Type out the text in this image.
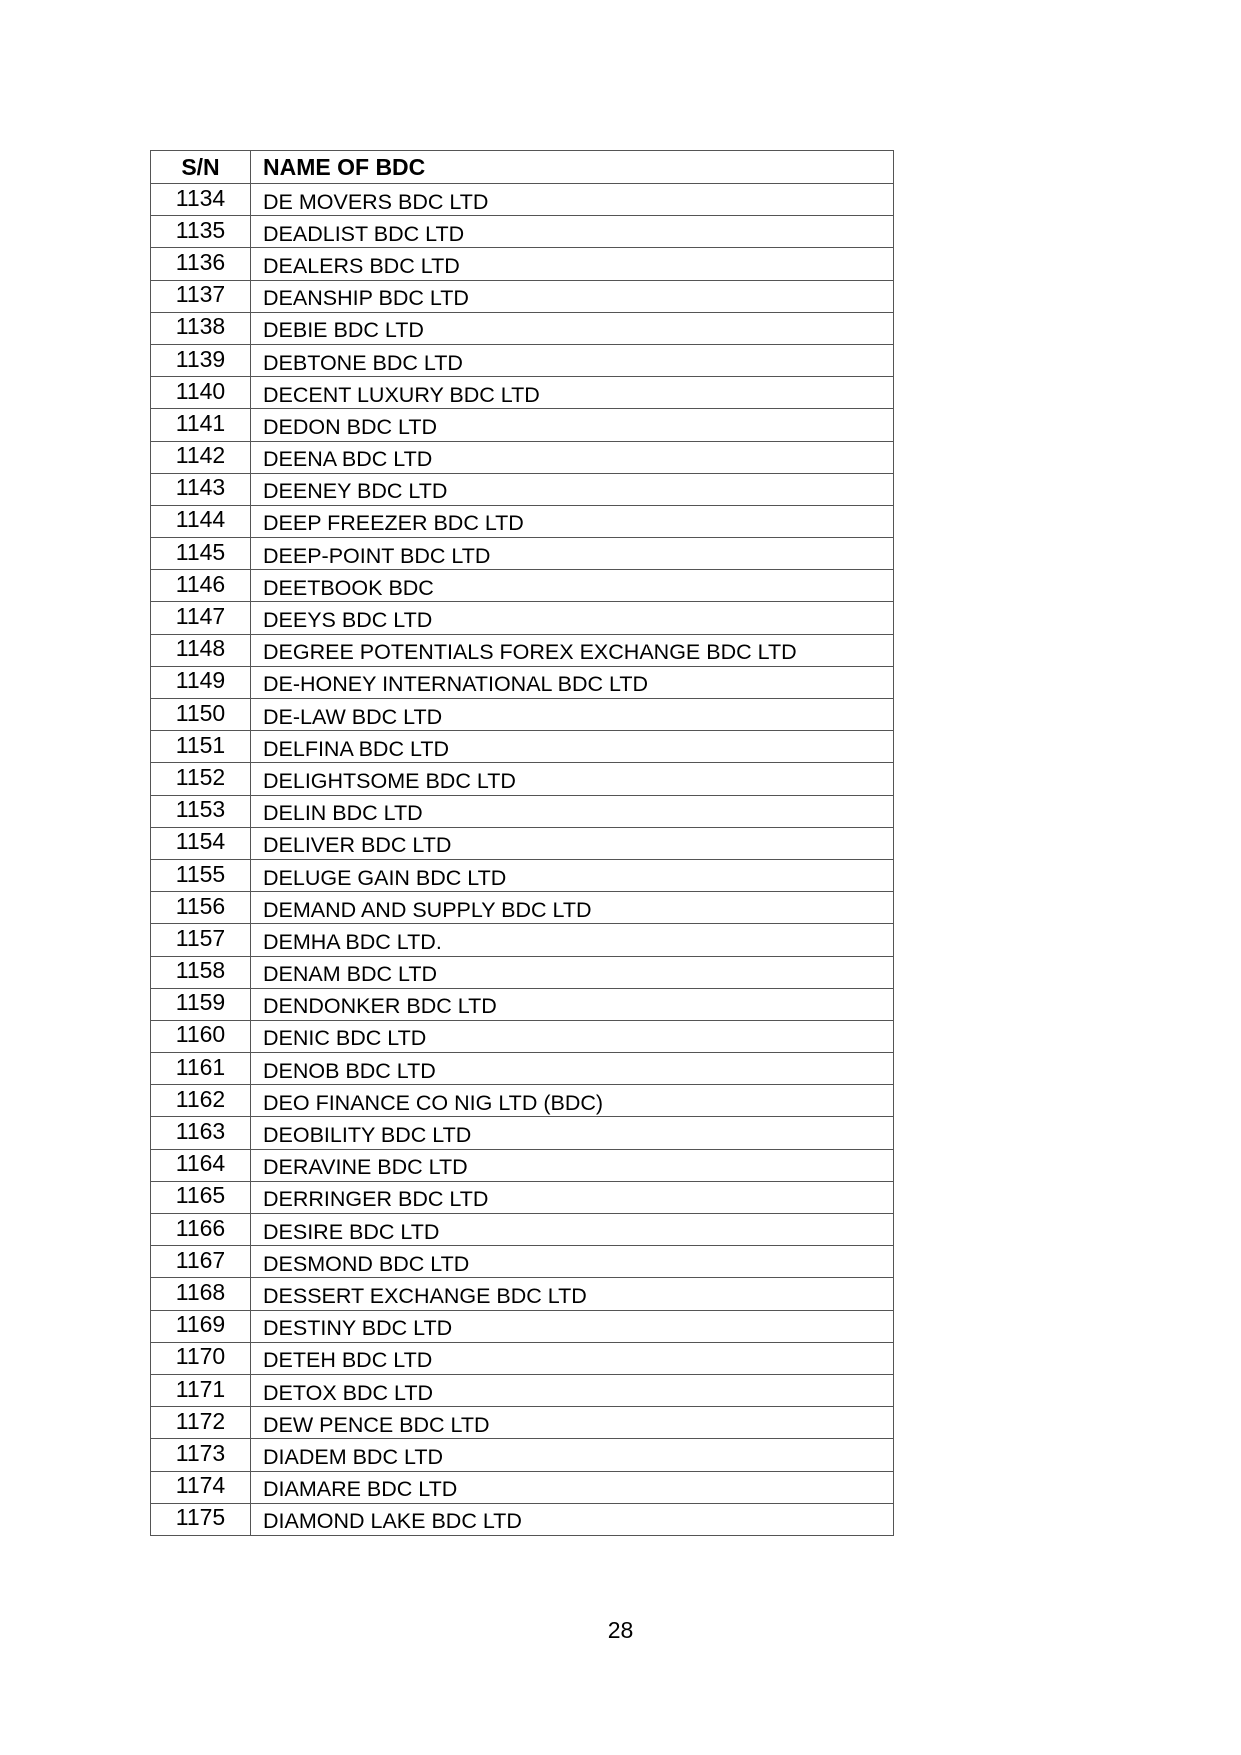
S/N	NAME OF BDC
1134	DE MOVERS BDC LTD
1135	DEADLIST BDC LTD
1136	DEALERS BDC LTD
1137	DEANSHIP BDC LTD
1138	DEBIE BDC LTD
1139	DEBTONE BDC LTD
1140	DECENT LUXURY BDC LTD
1141	DEDON BDC LTD
1142	DEENA BDC LTD
1143	DEENEY BDC LTD
1144	DEEP FREEZER BDC LTD
1145	DEEP-POINT BDC LTD
1146	DEETBOOK BDC
1147	DEEYS BDC LTD
1148	DEGREE POTENTIALS FOREX EXCHANGE BDC LTD
1149	DE-HONEY INTERNATIONAL BDC LTD
1150	DE-LAW BDC LTD
1151	DELFINA BDC LTD
1152	DELIGHTSOME BDC LTD
1153	DELIN BDC LTD
1154	DELIVER BDC LTD
1155	DELUGE GAIN BDC LTD
1156	DEMAND AND SUPPLY BDC LTD
1157	DEMHA BDC LTD.
1158	DENAM BDC LTD
1159	DENDONKER BDC LTD
1160	DENIC BDC LTD
1161	DENOB BDC LTD
1162	DEO FINANCE CO NIG LTD (BDC)
1163	DEOBILITY BDC LTD
1164	DERAVINE BDC LTD
1165	DERRINGER BDC LTD
1166	DESIRE BDC LTD
1167	DESMOND BDC LTD
1168	DESSERT EXCHANGE BDC LTD
1169	DESTINY BDC LTD
1170	DETEH BDC LTD
1171	DETOX BDC LTD
1172	DEW PENCE BDC LTD
1173	DIADEM BDC LTD
1174	DIAMARE BDC LTD
1175	DIAMOND LAKE BDC LTD
28
